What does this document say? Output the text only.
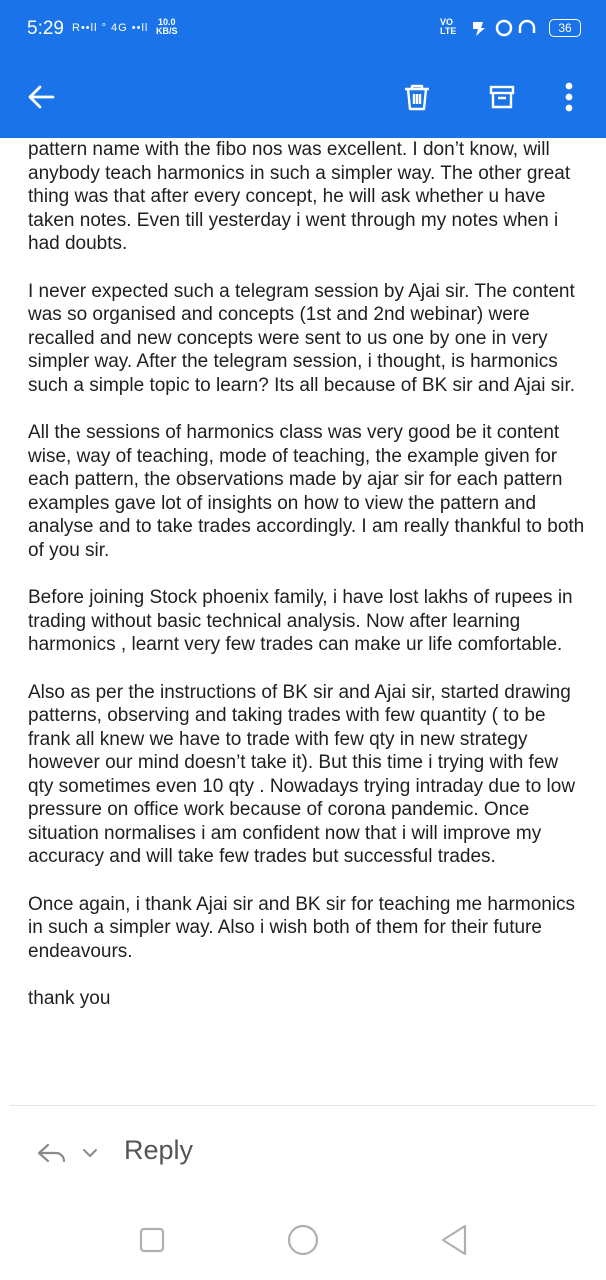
5:29 R••ll ° 4G ••ll 10.0
KB/S
VO
LTE	36

pattern name with the fibo nos was excellent. I don’t know, will anybody teach harmonics in such a simpler way. The other great thing was that after every concept, he will ask whether u have taken notes. Even till yesterday i went through my notes when i had doubts.

I never expected such a telegram session by Ajai sir. The content was so organised and concepts (1st and 2nd webinar) were recalled and new concepts were sent to us one by one in very simpler way. After the telegram session, i thought, is harmonics such a simple topic to learn? Its all because of BK sir and Ajai sir.

All the sessions of harmonics class was very good be it content wise, way of teaching, mode of teaching, the example given for each pattern, the observations made by ajar sir for each pattern examples gave lot of insights on how to view the pattern and analyse and to take trades accordingly. I am really thankful to both of you sir.

Before joining Stock phoenix family, i have lost lakhs of rupees in trading without basic technical analysis. Now after learning harmonics , learnt very few trades can make ur life comfortable.

Also as per the instructions of BK sir and Ajai sir, started drawing patterns, observing and taking trades with few quantity ( to be frank all knew we have to trade with few qty in new strategy however our mind doesn’t take it). But this time i trying with few qty sometimes even 10 qty . Nowadays trying intraday due to low pressure on office work because of corona pandemic. Once situation normalises i am confident now that i will improve my accuracy and will take few trades but successful trades.

Once again, i thank Ajai sir and BK sir for teaching me harmonics in such a simpler way. Also i wish both of them for their future endeavours.

thank you

Reply
